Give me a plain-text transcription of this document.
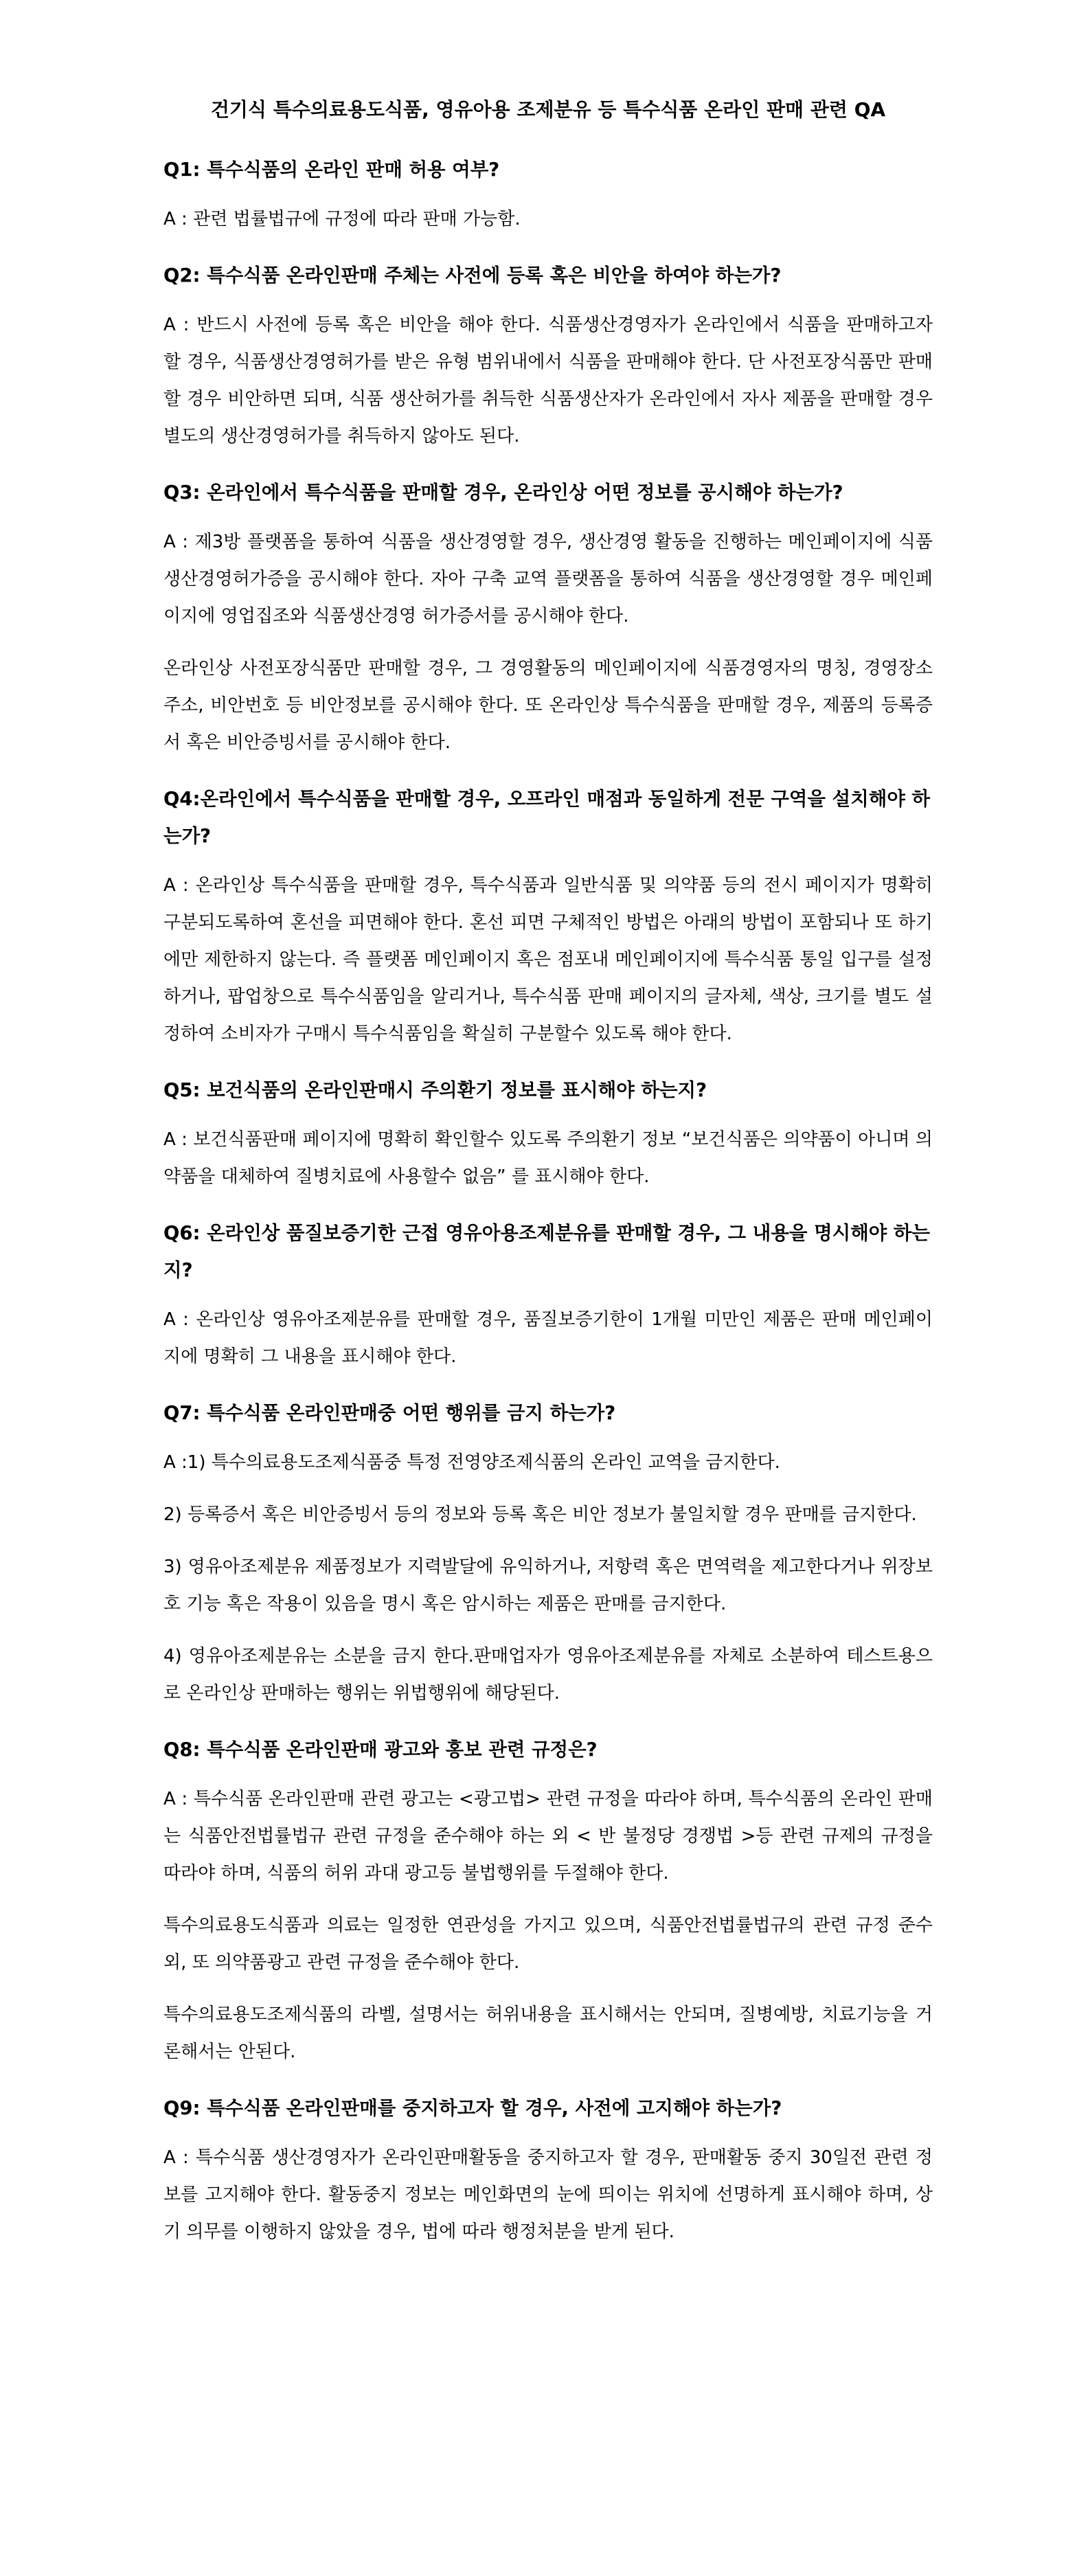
건기식 특수의료용도식품, 영유아용 조제분유 등 특수식품 온라인 판매 관련 QA

Q1: 특수식품의 온라인 판매 허용 여부?

A : 관련 법률법규에 규정에 따라 판매 가능함.

Q2: 특수식품 온라인판매 주체는 사전에 등록 혹은 비안을 하여야 하는가?

A : 반드시 사전에 등록 혹은 비안을 해야 한다. 식품생산경영자가 온라인에서 식품을 판매하고자 할 경우, 식품생산경영허가를 받은 유형 범위내에서 식품을 판매해야 한다. 단 사전포장식품만 판매할 경우 비안하면 되며, 식품 생산허가를 취득한 식품생산자가 온라인에서 자사 제품을 판매할 경우 별도의 생산경영허가를 취득하지 않아도 된다.

Q3: 온라인에서 특수식품을 판매할 경우, 온라인상 어떤 정보를 공시해야 하는가?

A : 제3방 플랫폼을 통하여 식품을 생산경영할 경우, 생산경영 활동을 진행하는 메인페이지에 식품생산경영허가증을 공시해야 한다. 자아 구축 교역 플랫폼을 통하여 식품을 생산경영할 경우 메인페이지에 영업집조와 식품생산경영 허가증서를 공시해야 한다.

온라인상 사전포장식품만 판매할 경우, 그 경영활동의 메인페이지에 식품경영자의 명칭, 경영장소 주소, 비안번호 등 비안정보를 공시해야 한다. 또 온라인상 특수식품을 판매할 경우, 제품의 등록증서 혹은 비안증빙서를 공시해야 한다.

Q4:온라인에서 특수식품을 판매할 경우, 오프라인 매점과 동일하게 전문 구역을 설치해야 하는가?

A : 온라인상 특수식품을 판매할 경우, 특수식품과 일반식품 및 의약품 등의 전시 페이지가 명확히 구분되도록하여 혼선을 피면해야 한다. 혼선 피면 구체적인 방법은 아래의 방법이 포함되나 또 하기에만 제한하지 않는다. 즉 플랫폼 메인페이지 혹은 점포내 메인페이지에 특수식품 통일 입구를 설정하거나, 팝업창으로 특수식품임을 알리거나, 특수식품 판매 페이지의 글자체, 색상, 크기를 별도 설정하여 소비자가 구매시 특수식품임을 확실히 구분할수 있도록 해야 한다.

Q5: 보건식품의 온라인판매시 주의환기 정보를 표시해야 하는지?

A : 보건식품판매 페이지에 명확히 확인할수 있도록 주의환기 정보 “보건식품은 의약품이 아니며 의약품을 대체하여 질병치료에 사용할수 없음” 를 표시해야 한다.

Q6: 온라인상 품질보증기한 근접 영유아용조제분유를 판매할 경우, 그 내용을 명시해야 하는지?

A : 온라인상 영유아조제분유를 판매할 경우, 품질보증기한이 1개월 미만인 제품은 판매 메인페이지에 명확히 그 내용을 표시해야 한다.

Q7: 특수식품 온라인판매중 어떤 행위를 금지 하는가?

A :1) 특수의료용도조제식품중 특정 전영양조제식품의 온라인 교역을 금지한다.

2) 등록증서 혹은 비안증빙서 등의 정보와 등록 혹은 비안 정보가 불일치할 경우 판매를 금지한다.

3) 영유아조제분유 제품정보가 지력발달에 유익하거나, 저항력 혹은 면역력을 제고한다거나 위장보호 기능 혹은 작용이 있음을 명시 혹은 암시하는 제품은 판매를 금지한다.

4) 영유아조제분유는 소분을 금지 한다.판매업자가 영유아조제분유를 자체로 소분하여 테스트용으로 온라인상 판매하는 행위는 위법행위에 해당된다.

Q8: 특수식품 온라인판매 광고와 홍보 관련 규정은?

A : 특수식품 온라인판매 관련 광고는 <광고법> 관련 규정을 따라야 하며, 특수식품의 온라인 판매는 식품안전법률법규 관련 규정을 준수해야 하는 외 < 반 불정당 경쟁법 >등 관련 규제의 규정을 따라야 하며, 식품의 허위 과대 광고등 불법행위를 두절해야 한다.

특수의료용도식품과 의료는 일정한 연관성을 가지고 있으며, 식품안전법률법규의 관련 규정 준수 외, 또 의약품광고 관련 규정을 준수해야 한다.

특수의료용도조제식품의 라벨, 설명서는 허위내용을 표시해서는 안되며, 질병예방, 치료기능을 거론해서는 안된다.

Q9: 특수식품 온라인판매를 중지하고자 할 경우, 사전에 고지해야 하는가?

A : 특수식품 생산경영자가 온라인판매활동을 중지하고자 할 경우, 판매활동 중지 30일전 관련 정보를 고지해야 한다. 활동중지 정보는 메인화면의 눈에 띄이는 위치에 선명하게 표시해야 하며, 상기 의무를 이행하지 않았을 경우, 법에 따라 행정처분을 받게 된다.
